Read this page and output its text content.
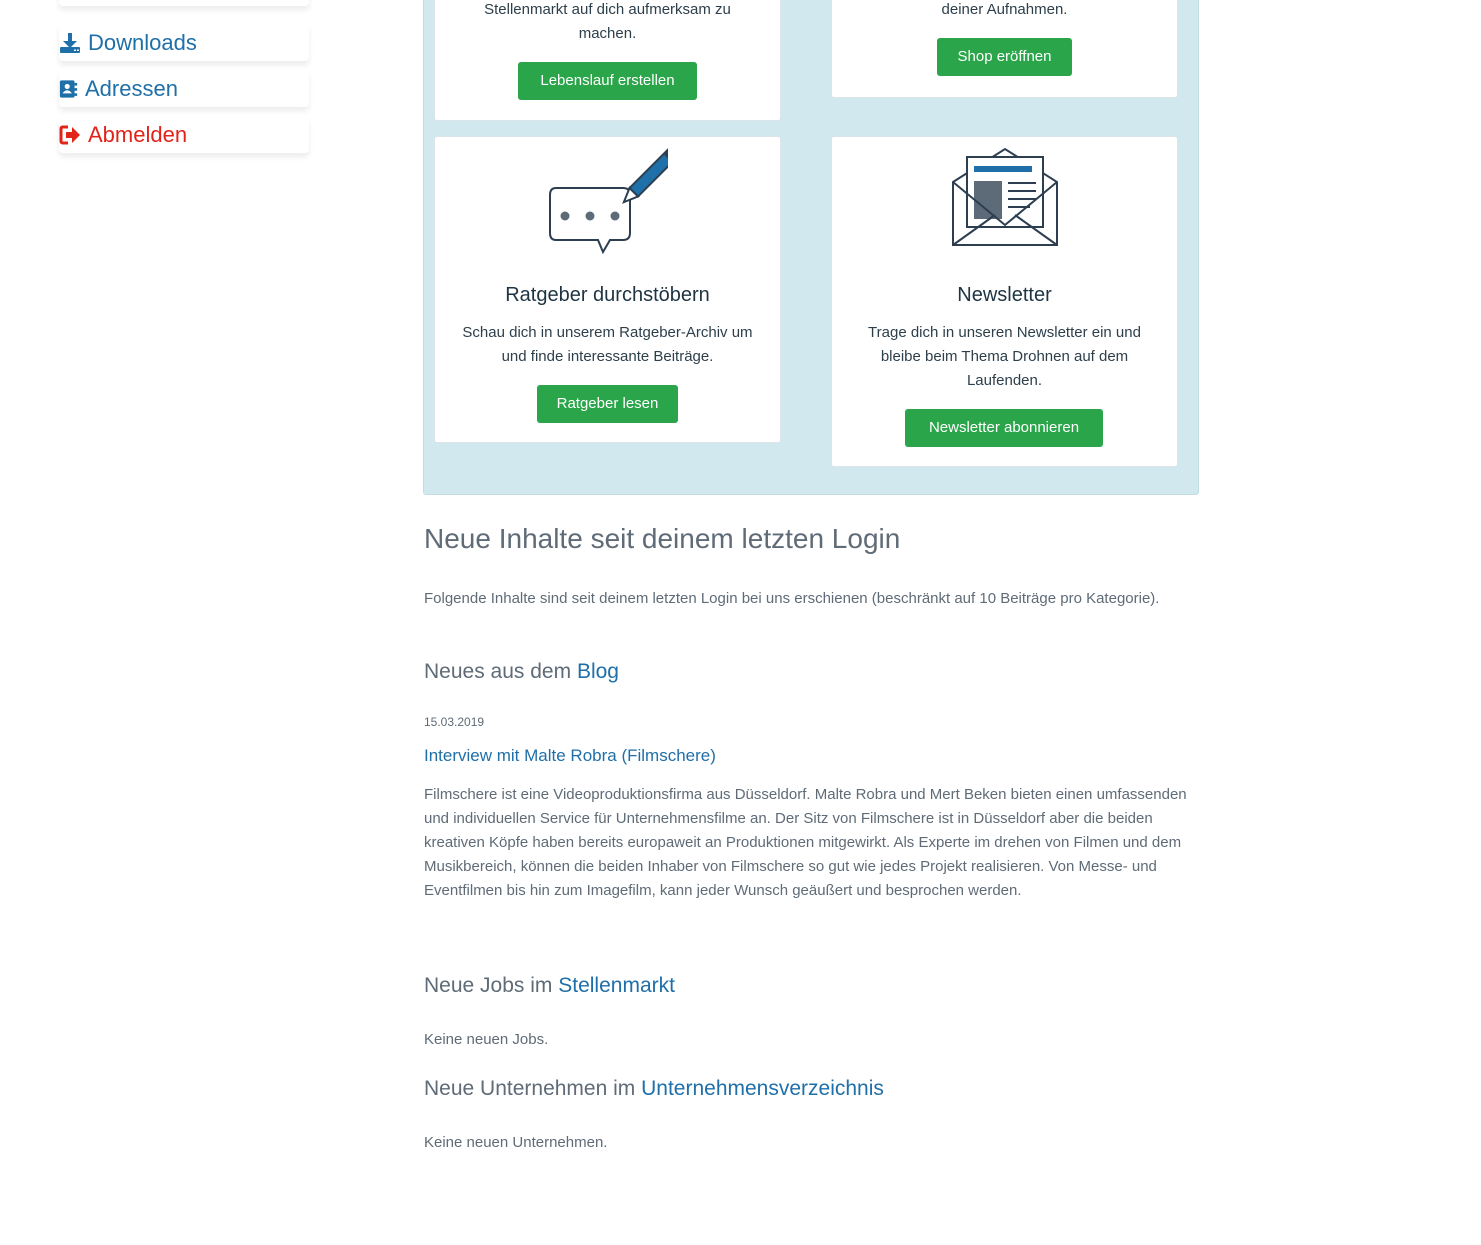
Downloads
Adressen
Abmelden

Stellenmarkt auf dich aufmerksam zu machen.

Lebenslauf erstellen

deiner Aufnahmen.

Shop eröffnen
Ratgeber durchstöbern

Schau dich in unserem Ratgeber-Archiv um und finde interessante Beiträge.

Ratgeber lesen
Newsletter

Trage dich in unseren Newsletter ein und bleibe beim Thema Drohnen auf dem Laufenden.

Newsletter abonnieren
Neue Inhalte seit deinem letzten Login

Folgende Inhalte sind seit deinem letzten Login bei uns erschienen (beschränkt auf 10 Beiträge pro Kategorie).

Neues aus dem Blog
15.03.2019
Interview mit Malte Robra (Filmschere)

Filmschere ist eine Videoproduktionsfirma aus Düsseldorf. Malte Robra und Mert Beken bieten einen umfassenden und individuellen Service für Unternehmensfilme an. Der Sitz von Filmschere ist in Düsseldorf aber die beiden kreativen Köpfe haben bereits europaweit an Produktionen mitgewirkt. Als Experte im drehen von Filmen und dem Musikbereich, können die beiden Inhaber von Filmschere so gut wie jedes Projekt realisieren. Von Messe- und Eventfilmen bis hin zum Imagefilm, kann jeder Wunsch geäußert und besprochen werden.

Neue Jobs im Stellenmarkt

Keine neuen Jobs.

Neue Unternehmen im Unternehmensverzeichnis

Keine neuen Unternehmen.
